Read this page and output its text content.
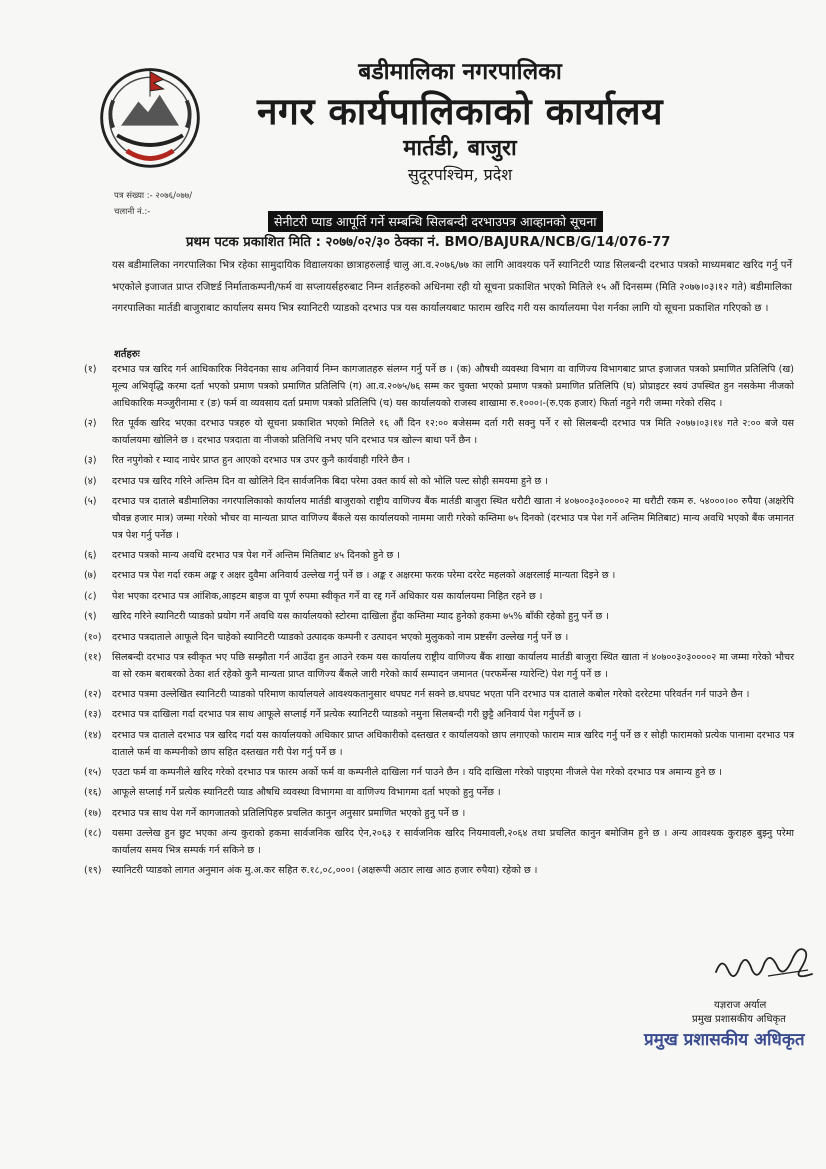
बडीमालिका नगरपालिका
नगर कार्यपालिकाको कार्यालय
मार्तडी, बाजुरा
सुदूरपश्चिम, प्रदेश
पत्र संख्या :- २०७६/०७७/
चलानी नं.:-
सेनीटरी प्याड आपूर्ति गर्ने सम्बन्धि सिलबन्दी दरभाउपत्र आव्हानको सूचना
प्रथम पटक प्रकाशित मिति : २०७७/०२/३० ठेक्का नं. BMO/BAJURA/NCB/G/14/076-77
यस बडीमालिका नगरपालिका भित्र रहेका सामुदायिक विद्यालयका छात्राहरुलाई चालु आ.व.२०७६/७७ का लागि आवश्यक पर्ने स्यानिटरी प्याड सिलबन्दी दरभाउ पत्रको माध्यमबाट खरिद गर्नु पर्ने भएकोले इजाजत प्राप्त रजिष्टर्ड निर्माताकम्पनी/फर्म वा सप्लायर्सहरुबाट निम्न शर्तहरुको अधिनमा रही यो सूचना प्रकाशित भएको मितिले १५ औं दिनसम्म (मिति २०७७।०३।१२ गते) बडीमालिका नगरपालिका मार्तडी बाजुराबाट कार्यालय समय भित्र स्यानिटरी प्याडको दरभाउ पत्र यस कार्यालयबाट फाराम खरिद गरी यस कार्यालयमा पेश गर्नका लागि यो सूचना प्रकाशित गरिएको छ ।
शर्तहरुः
(१)	दरभाउ पत्र खरिद गर्न आधिकारिक निवेदनका साथ अनिवार्य निम्न कागजातहरु संलग्न गर्नु पर्ने छ । (क) औषधी व्यवस्था विभाग वा वाणिज्य विभागबाट प्राप्त इजाजत पत्रको प्रमाणित प्रतिलिपि (ख) मूल्य अभिवृद्धि करमा दर्ता भएको प्रमाण पत्रको प्रमाणित प्रतिलिपि (ग) आ.व.२०७५/७६ सम्म कर चुक्ता भएको प्रमाण पत्रको प्रमाणित प्रतिलिपि (घ) प्रोप्राइटर स्वयं उपस्थित हुन नसकेमा नीजको आधिकारिक मञ्जुरीनामा र (ङ) फर्म वा व्यवसाय दर्ता प्रमाण पत्रको प्रतिलिपि (च) यस कार्यालयको राजस्व शाखामा रु.१०००।-(रु.एक हजार) फिर्ता नहुने गरी जम्मा गरेको रसिद ।
(२)	रित पूर्वक खरिद भएका दरभाउ पत्रहरु यो सूचना प्रकाशित भएको मितिले १६ औं दिन १२:०० बजेसम्म दर्ता गरी सक्नु पर्ने र सो सिलबन्दी दरभाउ पत्र मिति २०७७।०३।१४ गते २:०० बजे यस कार्यालयमा खोलिने छ । दरभाउ पत्रदाता वा नीजको प्रतिनिधि नभए पनि दरभाउ पत्र खोल्न बाधा पर्ने छैन ।
(३)	रित नपुगेको र म्याद नाघेर प्राप्त हुन आएको दरभाउ पत्र उपर कुनै कार्यवाही गरिने छैन ।
(४)	दरभाउ पत्र खरिद गरिने अन्तिम दिन वा खोलिने दिन सार्वजनिक बिदा परेमा उक्त कार्य सो को भोलि पल्ट सोही समयमा हुने छ ।
(५)	दरभाउ पत्र दाताले बडीमालिका नगरपालिकाको कार्यालय मार्तडी बाजुराको राष्ट्रीय वाणिज्य बैंक मार्तडी बाजुरा स्थित धरौटी खाता नं ४०७००३०३००००२ मा धरौटी रकम रु. ५४०००।०० रुपैया (अक्षरेपि चौवन्न हजार मात्र) जम्मा गरेको भौचर वा मान्यता प्राप्त वाणिज्य बैंकले यस कार्यालयको नाममा जारी गरेको कम्तिमा ७५ दिनको (दरभाउ पत्र पेश गर्ने अन्तिम मितिबाट) मान्य अवधि भएको बैंक जमानत पत्र पेश गर्नु पर्नेछ ।
(६)	दरभाउ पत्रको मान्य अवधि दरभाउ पत्र पेश गर्ने अन्तिम मितिबाट ४५ दिनको हुने छ ।
(७)	दरभाउ पत्र पेश गर्दा रकम अङ्क र अक्षर दुवैमा अनिवार्य उल्लेख गर्नु पर्ने छ । अङ्क र अक्षरमा फरक परेमा दररेट महलको अक्षरलाई मान्यता दिइने छ ।
(८)	पेश भएका दरभाउ पत्र आंशिक,आइटम बाइज वा पूर्ण रुपमा स्वीकृत गर्ने वा रद्द गर्ने अधिकार यस कार्यालयमा निहित रहने छ ।
(९)	खरिद गरिने स्यानिटरी प्याडको प्रयोग गर्ने अवधि यस कार्यालयको स्टोरमा दाखिला हुँदा कम्तिमा म्याद हुनेको हकमा ७५% बाँकी रहेको हुनु पर्ने छ ।
(१०)	दरभाउ पत्रदाताले आफूले दिन चाहेको स्यानिटरी प्याडको उत्पादक कम्पनी र उत्पादन भएको मुलुकको नाम प्रष्टसँग उल्लेख गर्नु पर्ने छ ।
(११)	सिलबन्दी दरभाउ पत्र स्वीकृत भए पछि सम्झौता गर्न आउँदा हुन आउने रकम यस कार्यालय राष्ट्रीय वाणिज्य बैंक शाखा कार्यालय मार्तडी बाजुरा स्थित खाता नं ४०७००३०३००००२ मा जम्मा गरेको भौचर वा सो रकम बराबरको ठेका शर्त रहेको कुनै मान्यता प्राप्त वाणिज्य बैंकले जारी गरेको कार्य सम्पादन जमानत (परफर्मेन्स ग्यारेन्टि) पेश गर्नु पर्ने छ ।
(१२)	दरभाउ पत्रमा उल्लेखित स्यानिटरी प्याडको परिमाण कार्यालयले आवश्यकतानुसार थपघट गर्न सक्ने छ.थपघट भएता पनि दरभाउ पत्र दाताले कबोल गरेको दररेटमा परिवर्तन गर्न पाउने छैन ।
(१३)	दरभाउ पत्र दाखिला गर्दा दरभाउ पत्र साथ आफूले सप्लाई गर्ने प्रत्येक स्यानिटरी प्याडको नमुना सिलबन्दी गरी छुट्टै अनिवार्य पेश गर्नुपर्ने छ ।
(१४)	दरभाउ पत्र दाताले दरभाउ पत्र खरिद गर्दा यस कार्यालयको अधिकार प्राप्त अधिकारीको दस्तखत र कार्यालयको छाप लगाएको फाराम मात्र खरिद गर्नु पर्ने छ र सोही फारामको प्रत्येक पानामा दरभाउ पत्र दाताले फर्म वा कम्पनीको छाप सहित दस्तखत गरी पेश गर्नु पर्ने छ ।
(१५)	एउटा फर्म वा कम्पनीले खरिद गरेको दरभाउ पत्र फारम अर्को फर्म वा कम्पनीले दाखिला गर्न पाउने छैन । यदि दाखिला गरेको पाइएमा नीजले पेश गरेको दरभाउ पत्र अमान्य हुने छ ।
(१६)	आफूले सप्लाई गर्ने प्रत्येक स्यानिटरी प्याड औषधि व्यवस्था विभागमा वा वाणिज्य विभागमा दर्ता भएको हुनु पर्नेछ ।
(१७)	दरभाउ पत्र साथ पेश गर्ने कागजातको प्रतिलिपिहरु प्रचलित कानुन अनुसार प्रमाणित भएको हुनु पर्ने छ ।
(१८)	यसमा उल्लेख हुन छुट भएका अन्य कुराको हकमा सार्वजनिक खरिद ऐन,२०६३ र सार्वजनिक खरिद नियमावली,२०६४ तथा प्रचलित कानुन बमोजिम हुने छ । अन्य आवश्यक कुराहरु बुझ्नु परेमा कार्यालय समय भित्र सम्पर्क गर्न सकिने छ ।
(१९)	स्यानिटरी प्याडको लागत अनुमान अंक मु.अ.कर सहित रु.१८,०८,०००। (अक्षरूपी अठार लाख आठ हजार रुपैया) रहेको छ ।
यज्ञराज अर्याल
प्रमुख प्रशासकीय अधिकृत
प्रमुख प्रशासकीय अधिकृत
